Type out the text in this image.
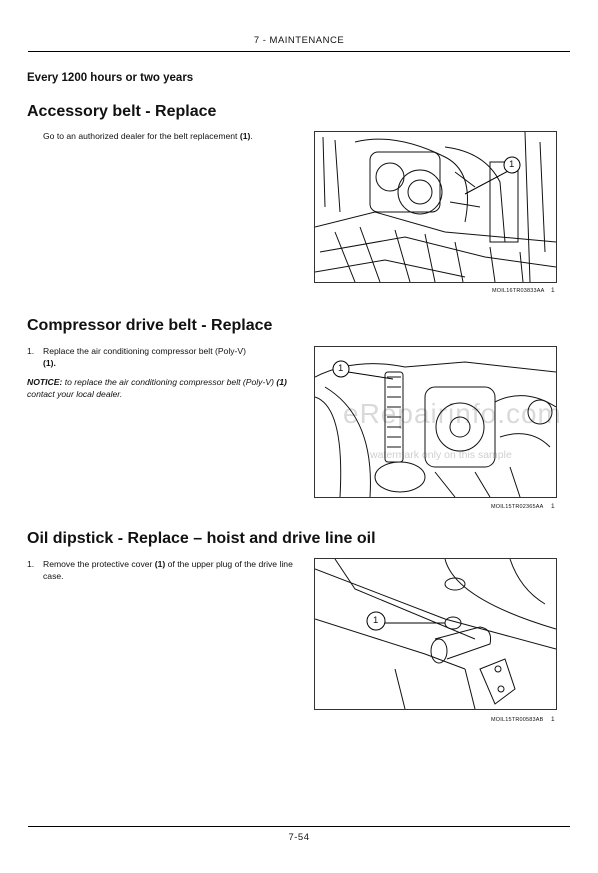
7 - MAINTENANCE
Every 1200 hours or two years
Accessory belt - Replace
Go to an authorized dealer for the belt replacement (1).
1
MOIL16TR03833AA 1
Compressor drive belt - Replace
1. Replace the air conditioning compressor belt (Poly-V)
(1).
NOTICE: to replace the air conditioning compressor belt (Poly-V) (1) contact your local dealer.
1
eRepairinfo.com
watermark only on this sample
MOIL15TR02365AA 1
Oil dipstick - Replace – hoist and drive line oil
1.	Remove the protective cover (1) of the upper plug of the drive line case.
1
MOIL15TR00583AB 1
7-54
